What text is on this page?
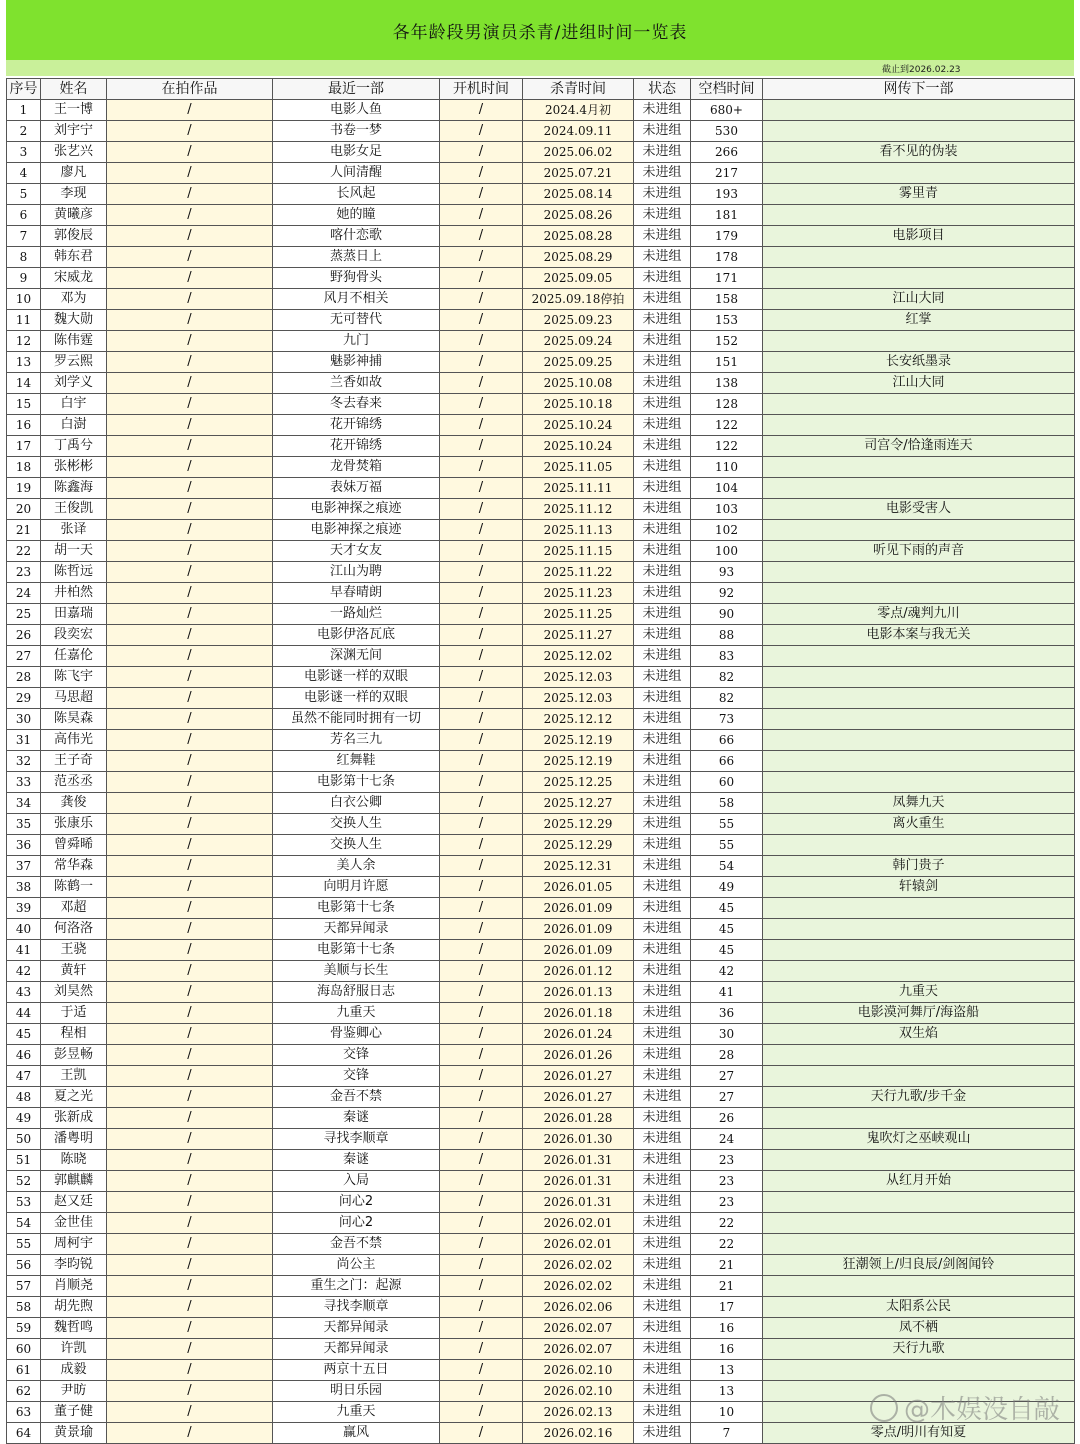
各年龄段男演员杀青/进组时间一览表
截止到2026.02.23
序号	姓名	在拍作品	最近一部	开机时间	杀青时间	状态	空档时间	网传下一部
1	王一博	/	电影人鱼	/	2024.4月初	未进组	680+	
2	刘宇宁	/	书卷一梦	/	2024.09.11	未进组	530	
3	张艺兴	/	电影女足	/	2025.06.02	未进组	266	看不见的伪装
4	廖凡	/	人间清醒	/	2025.07.21	未进组	217	
5	李现	/	长风起	/	2025.08.14	未进组	193	雾里青
6	黄曦彦	/	她的瞳	/	2025.08.26	未进组	181	
7	郭俊辰	/	喀什恋歌	/	2025.08.28	未进组	179	电影项目
8	韩东君	/	蒸蒸日上	/	2025.08.29	未进组	178	
9	宋威龙	/	野狗骨头	/	2025.09.05	未进组	171	
10	邓为	/	风月不相关	/	2025.09.18停拍	未进组	158	江山大同
11	魏大勋	/	无可替代	/	2025.09.23	未进组	153	红掌
12	陈伟霆	/	九门	/	2025.09.24	未进组	152	
13	罗云熙	/	魅影神捕	/	2025.09.25	未进组	151	长安纸墨录
14	刘学义	/	兰香如故	/	2025.10.08	未进组	138	江山大同
15	白宇	/	冬去春来	/	2025.10.18	未进组	128	
16	白澍	/	花开锦绣	/	2025.10.24	未进组	122	
17	丁禹兮	/	花开锦绣	/	2025.10.24	未进组	122	司宫令/恰逢雨连天
18	张彬彬	/	龙骨焚箱	/	2025.11.05	未进组	110	
19	陈鑫海	/	表妹万福	/	2025.11.11	未进组	104	
20	王俊凯	/	电影神探之痕迹	/	2025.11.12	未进组	103	电影受害人
21	张译	/	电影神探之痕迹	/	2025.11.13	未进组	102	
22	胡一天	/	天才女友	/	2025.11.15	未进组	100	听见下雨的声音
23	陈哲远	/	江山为聘	/	2025.11.22	未进组	93	
24	井柏然	/	早春晴朗	/	2025.11.23	未进组	92	
25	田嘉瑞	/	一路灿烂	/	2025.11.25	未进组	90	零点/魂判九川
26	段奕宏	/	电影伊洛瓦底	/	2025.11.27	未进组	88	电影本案与我无关
27	任嘉伦	/	深渊无间	/	2025.12.02	未进组	83	
28	陈飞宇	/	电影谜一样的双眼	/	2025.12.03	未进组	82	
29	马思超	/	电影谜一样的双眼	/	2025.12.03	未进组	82	
30	陈昊森	/	虽然不能同时拥有一切	/	2025.12.12	未进组	73	
31	高伟光	/	芳名三九	/	2025.12.19	未进组	66	
32	王子奇	/	红舞鞋	/	2025.12.19	未进组	66	
33	范丞丞	/	电影第十七条	/	2025.12.25	未进组	60	
34	龚俊	/	白衣公卿	/	2025.12.27	未进组	58	凤舞九天
35	张康乐	/	交换人生	/	2025.12.29	未进组	55	离火重生
36	曾舜晞	/	交换人生	/	2025.12.29	未进组	55	
37	常华森	/	美人余	/	2025.12.31	未进组	54	韩门贵子
38	陈鹤一	/	向明月许愿	/	2026.01.05	未进组	49	轩辕剑
39	邓超	/	电影第十七条	/	2026.01.09	未进组	45	
40	何洛洛	/	天都异闻录	/	2026.01.09	未进组	45	
41	王骁	/	电影第十七条	/	2026.01.09	未进组	45	
42	黄轩	/	美顺与长生	/	2026.01.12	未进组	42	
43	刘昊然	/	海岛舒服日志	/	2026.01.13	未进组	41	九重天
44	于适	/	九重天	/	2026.01.18	未进组	36	电影漠河舞厅/海盗船
45	程相	/	骨鉴卿心	/	2026.01.24	未进组	30	双生焰
46	彭昱畅	/	交锋	/	2026.01.26	未进组	28	
47	王凯	/	交锋	/	2026.01.27	未进组	27	
48	夏之光	/	金吾不禁	/	2026.01.27	未进组	27	天行九歌/步千金
49	张新成	/	秦谜	/	2026.01.28	未进组	26	
50	潘粤明	/	寻找李顺章	/	2026.01.30	未进组	24	鬼吹灯之巫峡观山
51	陈晓	/	秦谜	/	2026.01.31	未进组	23	
52	郭麒麟	/	入局	/	2026.01.31	未进组	23	从红月开始
53	赵又廷	/	问心2	/	2026.01.31	未进组	23	
54	金世佳	/	问心2	/	2026.02.01	未进组	22	
55	周柯宇	/	金吾不禁	/	2026.02.01	未进组	22	
56	李昀锐	/	尚公主	/	2026.02.02	未进组	21	狂潮领上/归良辰/剑阁闻铃
57	肖顺尧	/	重生之门：起源	/	2026.02.02	未进组	21	
58	胡先煦	/	寻找李顺章	/	2026.02.06	未进组	17	太阳系公民
59	魏哲鸣	/	天都异闻录	/	2026.02.07	未进组	16	凤不栖
60	许凯	/	天都异闻录	/	2026.02.07	未进组	16	天行九歌
61	成毅	/	两京十五日	/	2026.02.10	未进组	13	
62	尹昉	/	明日乐园	/	2026.02.10	未进组	13	
63	董子健	/	九重天	/	2026.02.13	未进组	10	
64	黄景瑜	/	赢风	/	2026.02.16	未进组	7	零点/明川有知夏
@木娱没自敲
